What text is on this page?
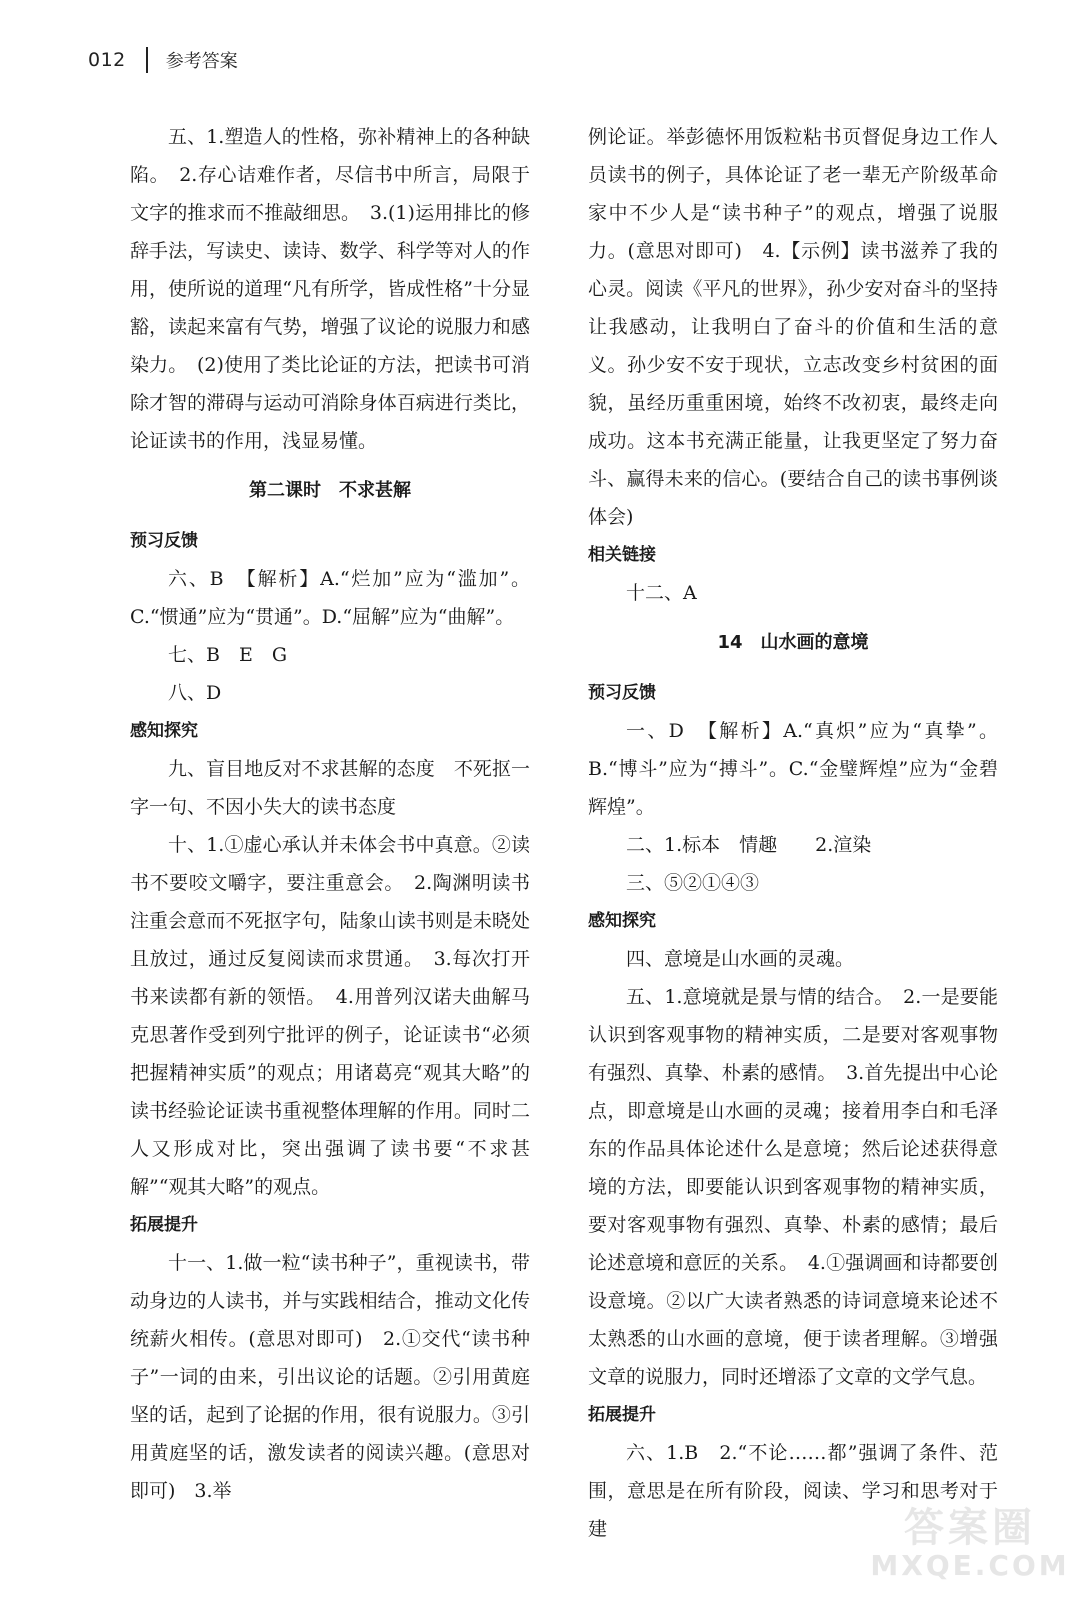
012 参考答案

五、1.塑造人的性格，弥补精神上的各种缺陷。　2.存心诘难作者，尽信书中所言，局限于文字的推求而不推敲细思。　3.(1)运用排比的修辞手法，写读史、读诗、数学、科学等对人的作用，使所说的道理“凡有所学，皆成性格”十分显豁，读起来富有气势，增强了议论的说服力和感染力。　(2)使用了类比论证的方法，把读书可消除才智的滞碍与运动可消除身体百病进行类比，论证读书的作用，浅显易懂。

第二课时　不求甚解

预习反馈

六、B　【解析】A.“烂加”应为“滥加”。C.“惯通”应为“贯通”。D.“屈解”应为“曲解”。

七、B　E　G

八、D

感知探究

九、盲目地反对不求甚解的态度　不死抠一字一句、不因小失大的读书态度

十、1.①虚心承认并未体会书中真意。②读书不要咬文嚼字，要注重意会。　2.陶渊明读书注重会意而不死抠字句，陆象山读书则是未晓处且放过，通过反复阅读而求贯通。　3.每次打开书来读都有新的领悟。　4.用普列汉诺夫曲解马克思著作受到列宁批评的例子，论证读书“必须把握精神实质”的观点；用诸葛亮“观其大略”的读书经验论证读书重视整体理解的作用。同时二人又形成对比，突出强调了读书要“不求甚解”“观其大略”的观点。

拓展提升

十一、1.做一粒“读书种子”，重视读书，带动身边的人读书，并与实践相结合，推动文化传统薪火相传。(意思对即可)　2.①交代“读书种子”一词的由来，引出议论的话题。②引用黄庭坚的话，起到了论据的作用，很有说服力。③引用黄庭坚的话，激发读者的阅读兴趣。(意思对即可)　3.举

例论证。举彭德怀用饭粒粘书页督促身边工作人员读书的例子，具体论证了老一辈无产阶级革命家中不少人是“读书种子”的观点，增强了说服力。(意思对即可)　4.【示例】读书滋养了我的心灵。阅读《平凡的世界》，孙少安对奋斗的坚持让我感动，让我明白了奋斗的价值和生活的意义。孙少安不安于现状，立志改变乡村贫困的面貌，虽经历重重困境，始终不改初衷，最终走向成功。这本书充满正能量，让我更坚定了努力奋斗、赢得未来的信心。(要结合自己的读书事例谈体会)

相关链接

十二、A

14　山水画的意境

预习反馈

一、D　【解析】A.“真炽”应为“真挚”。B.“博斗”应为“搏斗”。C.“金璧辉煌”应为“金碧辉煌”。

二、1.标本　情趣　　2.渲染

三、⑤②①④③

感知探究

四、意境是山水画的灵魂。

五、1.意境就是景与情的结合。　2.一是要能认识到客观事物的精神实质，二是要对客观事物有强烈、真挚、朴素的感情。　3.首先提出中心论点，即意境是山水画的灵魂；接着用李白和毛泽东的作品具体论述什么是意境；然后论述获得意境的方法，即要能认识到客观事物的精神实质，要对客观事物有强烈、真挚、朴素的感情；最后论述意境和意匠的关系。　4.①强调画和诗都要创设意境。②以广大读者熟悉的诗词意境来论述不太熟悉的山水画的意境，便于读者理解。③增强文章的说服力，同时还增添了文章的文学气息。

拓展提升

六、1.B　2.“不论……都”强调了条件、范围，意思是在所有阶段，阅读、学习和思考对于建	答案圈
MXQE.COM
